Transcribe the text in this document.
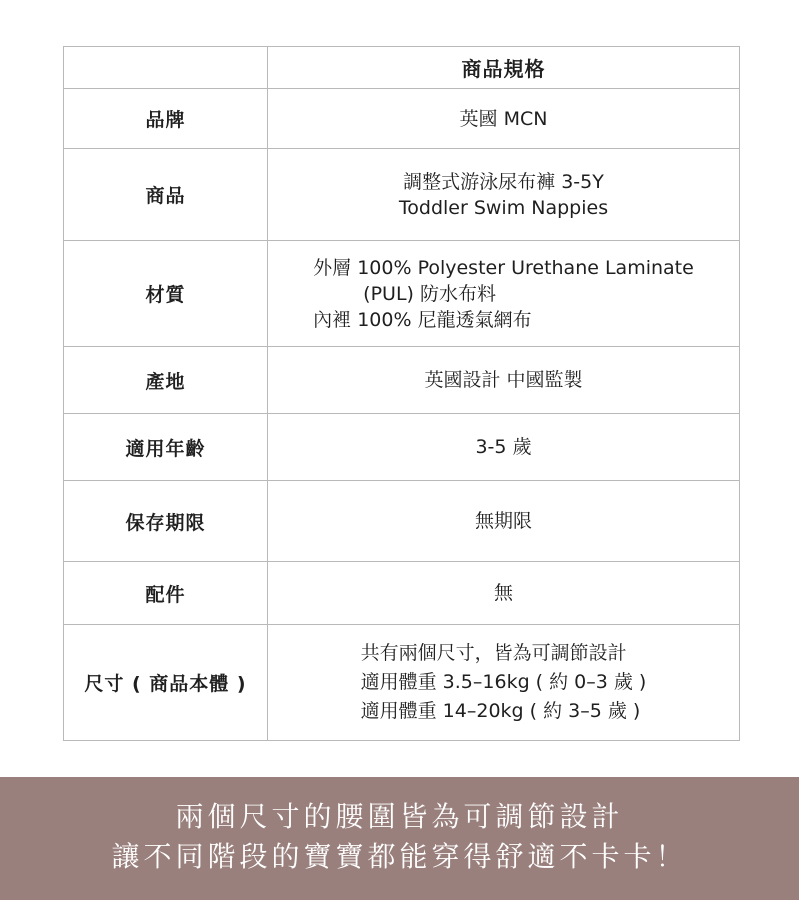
	商品規格
品牌	英國 MCN
商品	調整式游泳尿布褲 3-5Y
Toddler Swim Nappies

材質	外層 100% Polyester Urethane Laminate
(PUL) 防水布料
內裡 100% 尼龍透氣網布

產地	英國設計 中國監製
適用年齡	3-5 歲
保存期限	無期限
配件	無
尺寸 ( 商品本體 )	共有兩個尺寸，皆為可調節設計
適用體重 3.5–16kg ( 約 0–3 歲 )
適用體重 14–20kg ( 約 3–5 歲 )
兩個尺寸的腰圍皆為可調節設計
讓不同階段的寶寶都能穿得舒適不卡卡！
